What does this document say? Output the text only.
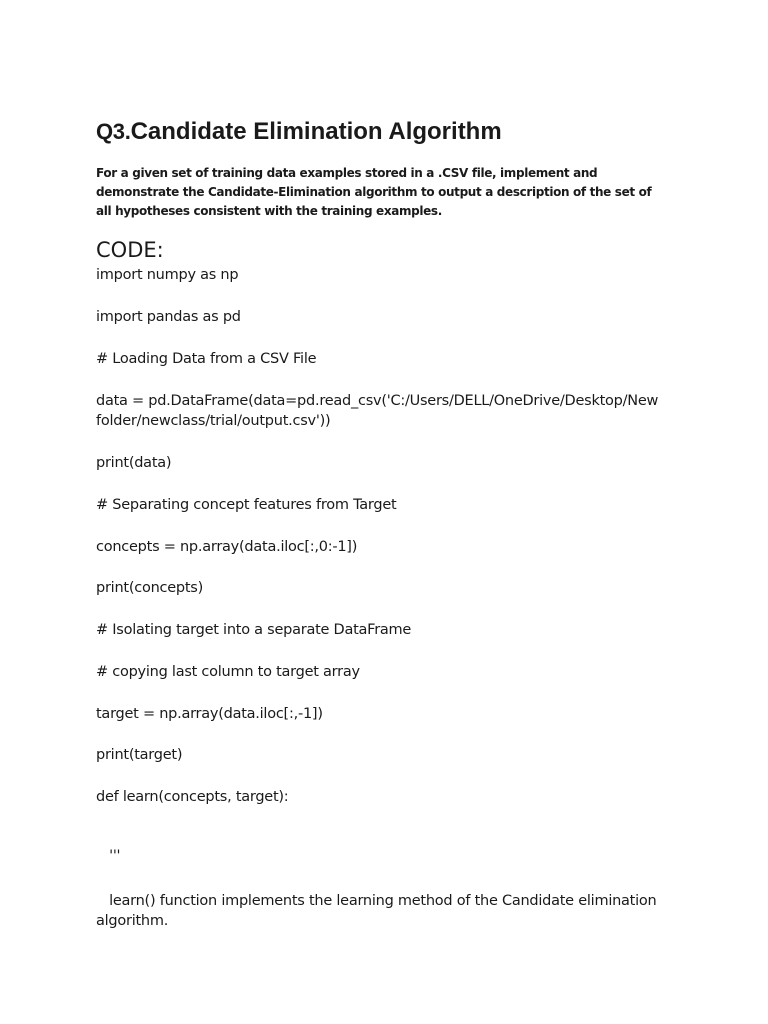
Q3.Candidate Elimination Algorithm

For a given set of training data examples stored in a .CSV file, implement and demonstrate the Candidate-Elimination algorithm to output a description of the set of all hypotheses consistent with the training examples.

CODE:

import numpy as np

import pandas as pd

# Loading Data from a CSV File

data = pd.DataFrame(data=pd.read_csv('C:/Users/DELL/OneDrive/Desktop/New folder/newclass/trial/output.csv'))

print(data)

# Separating concept features from Target

concepts = np.array(data.iloc[:,0:-1])

print(concepts)

# Isolating target into a separate DataFrame

# copying last column to target array

target = np.array(data.iloc[:,-1])

print(target)

def learn(concepts, target):

'''

learn() function implements the learning method of the Candidate elimination algorithm.
